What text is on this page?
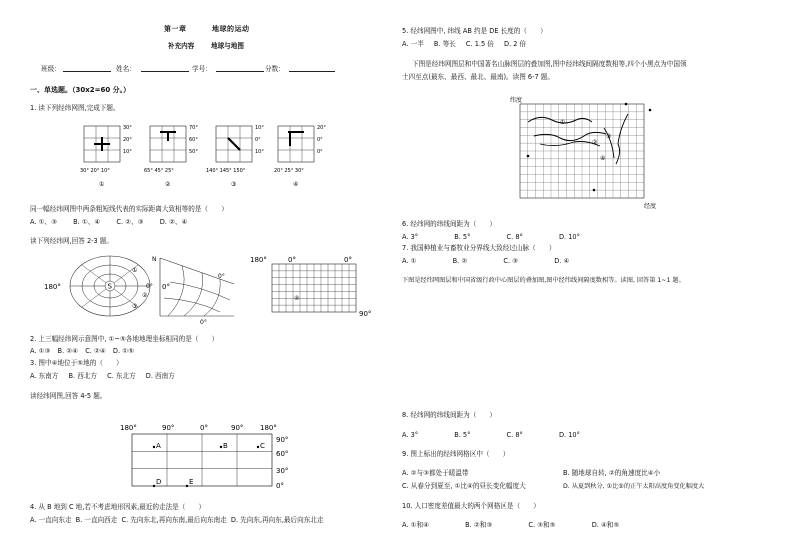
第一章	地球的运动
补充内容	地球与地图
班级：	姓名：	学号：	分数：
一、单选题。（30x2=60 分。）
1. 读下列经纬网图,完成下题。
30°
20°
10°
30° 20° 10°
①
70°
60°
50°
65° 45° 25°
②
10°
0°
10°
140° 145° 150°
③
20°
0°
0°
20° 25° 30°
④
同一幅经纬网图中两条粗短线代表的实际距离大致相等的是（　　）
A. ①、③ B. ①、④ C. ②、③ D. ②、④
读下列经纬网,回答 2-3 题。
S
180°	0°
①
②
③
N
0°
0°
0°
180°	0°	0°
90°
④
2. 上三幅经纬网示意图中, ①~⑤各地地理坐标相同的是（　　）
A. ①③ B. ②④ C. ②④ D. ①⑤
3. 图中④地位于⑤地的（　　）
A. 东南方 B. 西北方 C. 东北方 D. 西南方
读经纬网图,回答 4-5 题。
A	B	C
D	E
180°	90°	0°	90° 180°
90°
60°
30°
0°
4. 从 B 地到 C 地,若不考虑地形因素,最近的走法是（　　）
A. 一直向东走 B. 一直向西走 C. 先向东北,再向东南,最后向东南走 D. 先向东,再向东,最后向东北走
5. 经纬网图中, 纬线 AB 约是 DE 长度的（　　）
A. 一半 B. 等长 C. 1.5 倍 D. 2 倍
下图是经纬网图层和中国著名山脉图层的叠加图,图中经纬线间隔度数相等,四个小黑点为中国领
土四至点(最东、最西、最北、最南)。读图 6-7 题。
①
②
③
④
纬度
经度
6. 经纬网的纬线间距为（　　）
A. 3°	B. 5°	C. 8°	D. 10°
7. 我国种植业与畜牧业分界线大致经过山脉（　　）
A. ①	B. ②	C. ③	D. ④
下图是经纬网图层和中国省级行政中心图层的叠加图,图中经纬线间隔度数相等。读图, 回答第 1~1 题。
8. 经纬网的纬线间距为（　　）
A. 3°	B. 5°	C. 8°	D. 10°
9. 图上标出的经纬网格区中（　　）
A. ②与③都处于暖温带	B. 随地球自转, ②的角速度比④小
C. 从春分到夏至, ①比④的昼长变化幅度大	D. 从夏到秋分, ①比⑤的正午太阳高度角变化幅度大
10. 人口密度差值最大的两个网格区是（　　）
A. ①和④	B. ②和③	C. ③和⑤	D. ④和⑤
